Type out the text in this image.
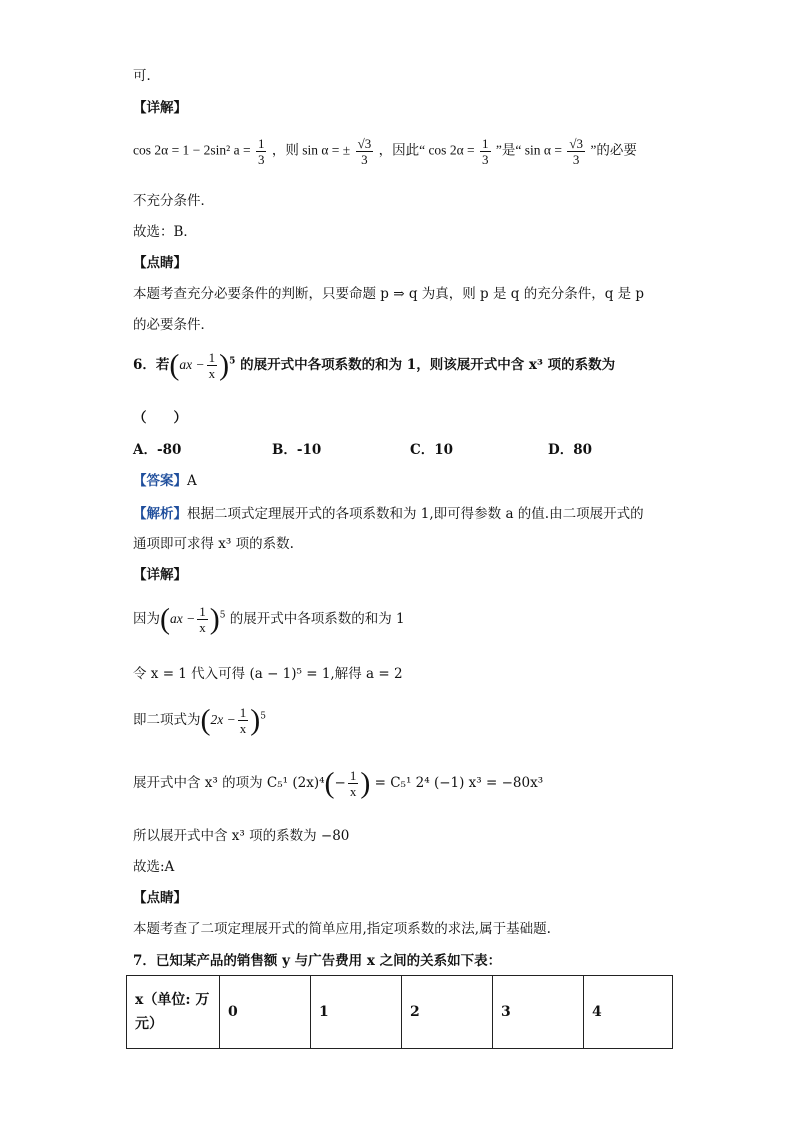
可．
【详解】
cos 2α = 1 − 2sin² $a = \frac{1}{3}$ ，则 sin α = ± $\frac{√3}{3}$ ，因此“ $\cos 2\alpha = \frac{1}{3}$ ”是“ $\sin \alpha = \frac{√3}{3}$ ”的必要
不充分条件．
故选：B．
【点睛】
本题考查充分必要条件的判断，只要命题 p ⇒ q 为真，则 p 是 q 的充分条件，q 是 p
的必要条件．
6．若$(ax - \frac{1}{x} )^5$ 的展开式中各项系数的和为 1，则该展开式中含 x³ 项的系数为
（　　）
A．-80	B．-10	C．10	D．80
【答案】A
【解析】根据二项式定理展开式的各项系数和为 1,即可得参数 a 的值.由二项展开式的
通项即可求得 x³ 项的系数.
【详解】
因为$(ax - \frac{1}{x} )^5$ 的展开式中各项系数的和为 1
令 x = 1 代入可得 (a − 1)⁵ = 1,解得 a = 2
即二项式为$(2x - \frac{1}{x} )^5$
展开式中含 x³ 的项为 C₅¹ $(2x)^4(- \frac{1}{x}$ ) = C₅¹ 2⁴ (−1) x³ = −80x³
所以展开式中含 x³ 项的系数为 −80
故选:A
【点睛】
本题考查了二项定理展开式的简单应用,指定项系数的求法,属于基础题.
7．已知某产品的销售额 y 与广告费用 x 之间的关系如下表：
x（单位: 万
元）
	0	1	2	3	4
